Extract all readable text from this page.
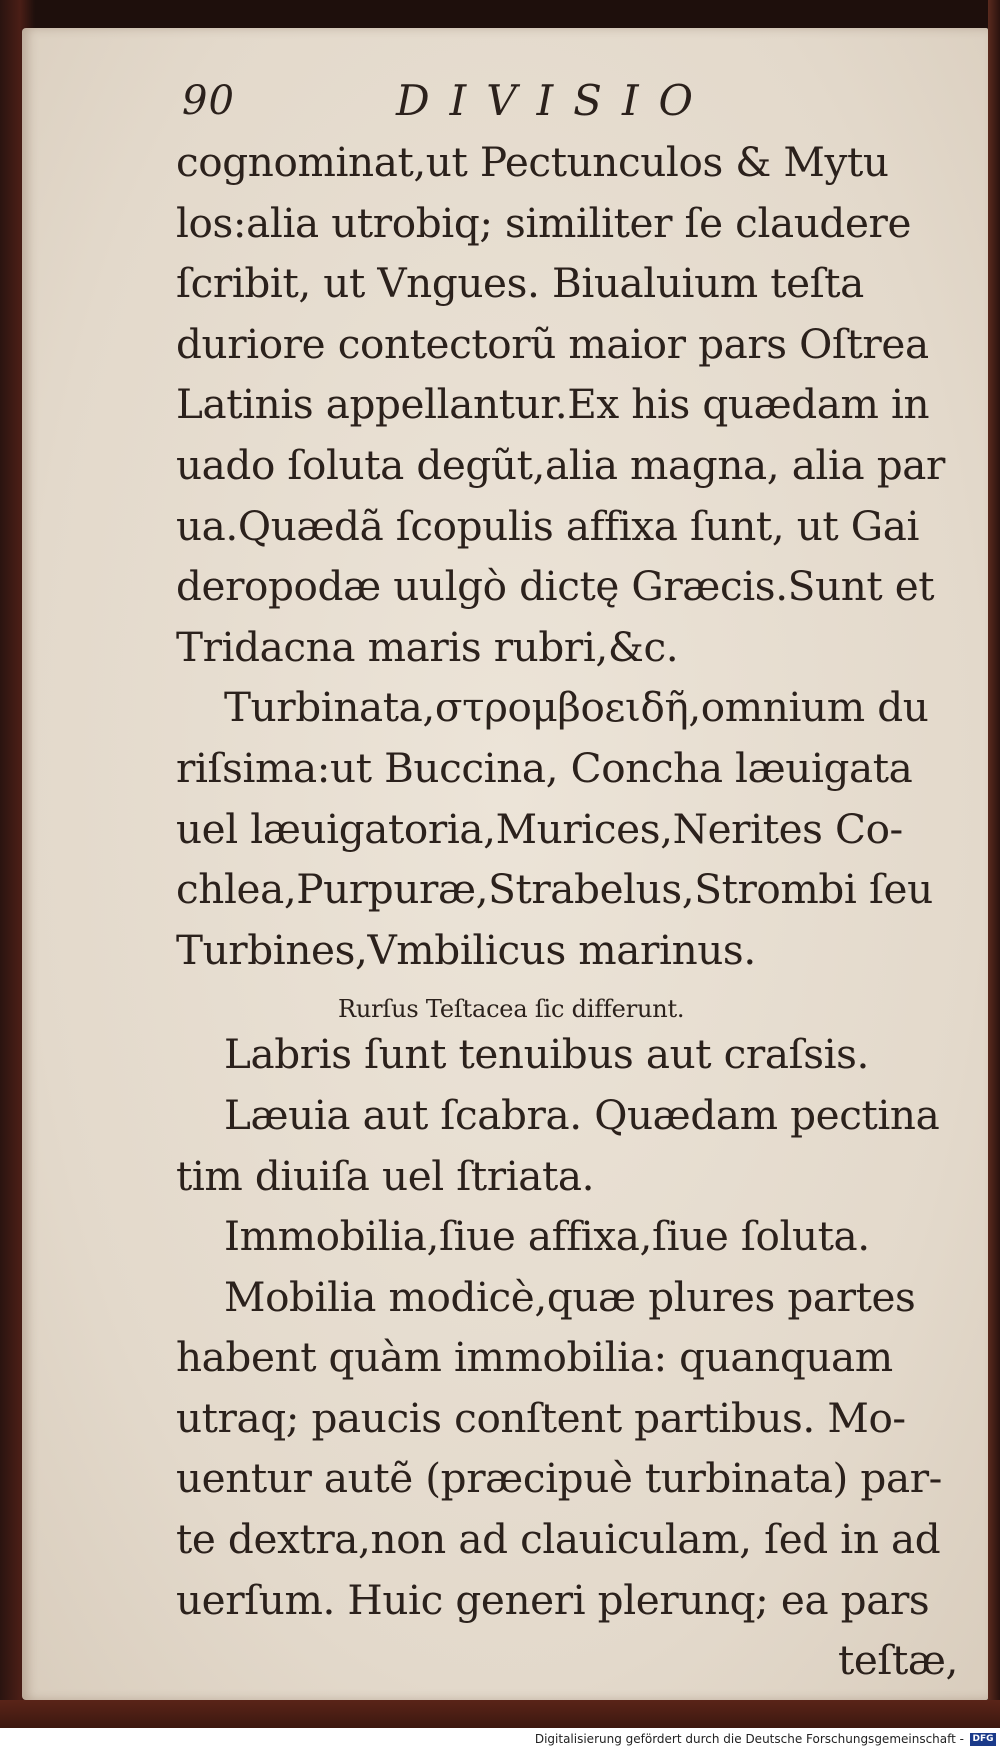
90	DIVISIO
cognominat,ut Pectunculos & Mytu
los:alia utrobiq; similiter ſe claudere
ſcribit, ut Vngues. Biualuium teſta
duriore contectorũ maior pars Oſtrea
Latinis appellantur.Ex his quædam in
uado ſoluta degũt,alia magna, alia par
ua.Quædã ſcopulis affixa ſunt, ut Gai
deropodæ uulgò dictę Græcis.Sunt et
Tridacna maris rubri,&c.
Turbinata,στρομβοειδῆ,omnium du
riſsima:ut Buccina, Concha læuigata
uel læuigatoria,Murices,Nerites Co-
chlea,Purpuræ,Strabelus,Strombi ſeu
Turbines,Vmbilicus marinus.
Rurſus Teſtacea ſic differunt.
Labris ſunt tenuibus aut craſsis.
Læuia aut ſcabra. Quædam pectina
tim diuiſa uel ſtriata.
Immobilia,ſiue affixa,ſiue ſoluta.
Mobilia modicè,quæ plures partes
habent quàm immobilia: quanquam
utraq; paucis conſtent partibus. Mo-
uentur autẽ (præcipuè turbinata) par-
te dextra,non ad clauiculam, ſed in ad
uerſum. Huic generi plerunq; ea pars
teſtæ,
Digitalisierung gefördert durch die Deutsche Forschungsgemeinschaft - DFG
